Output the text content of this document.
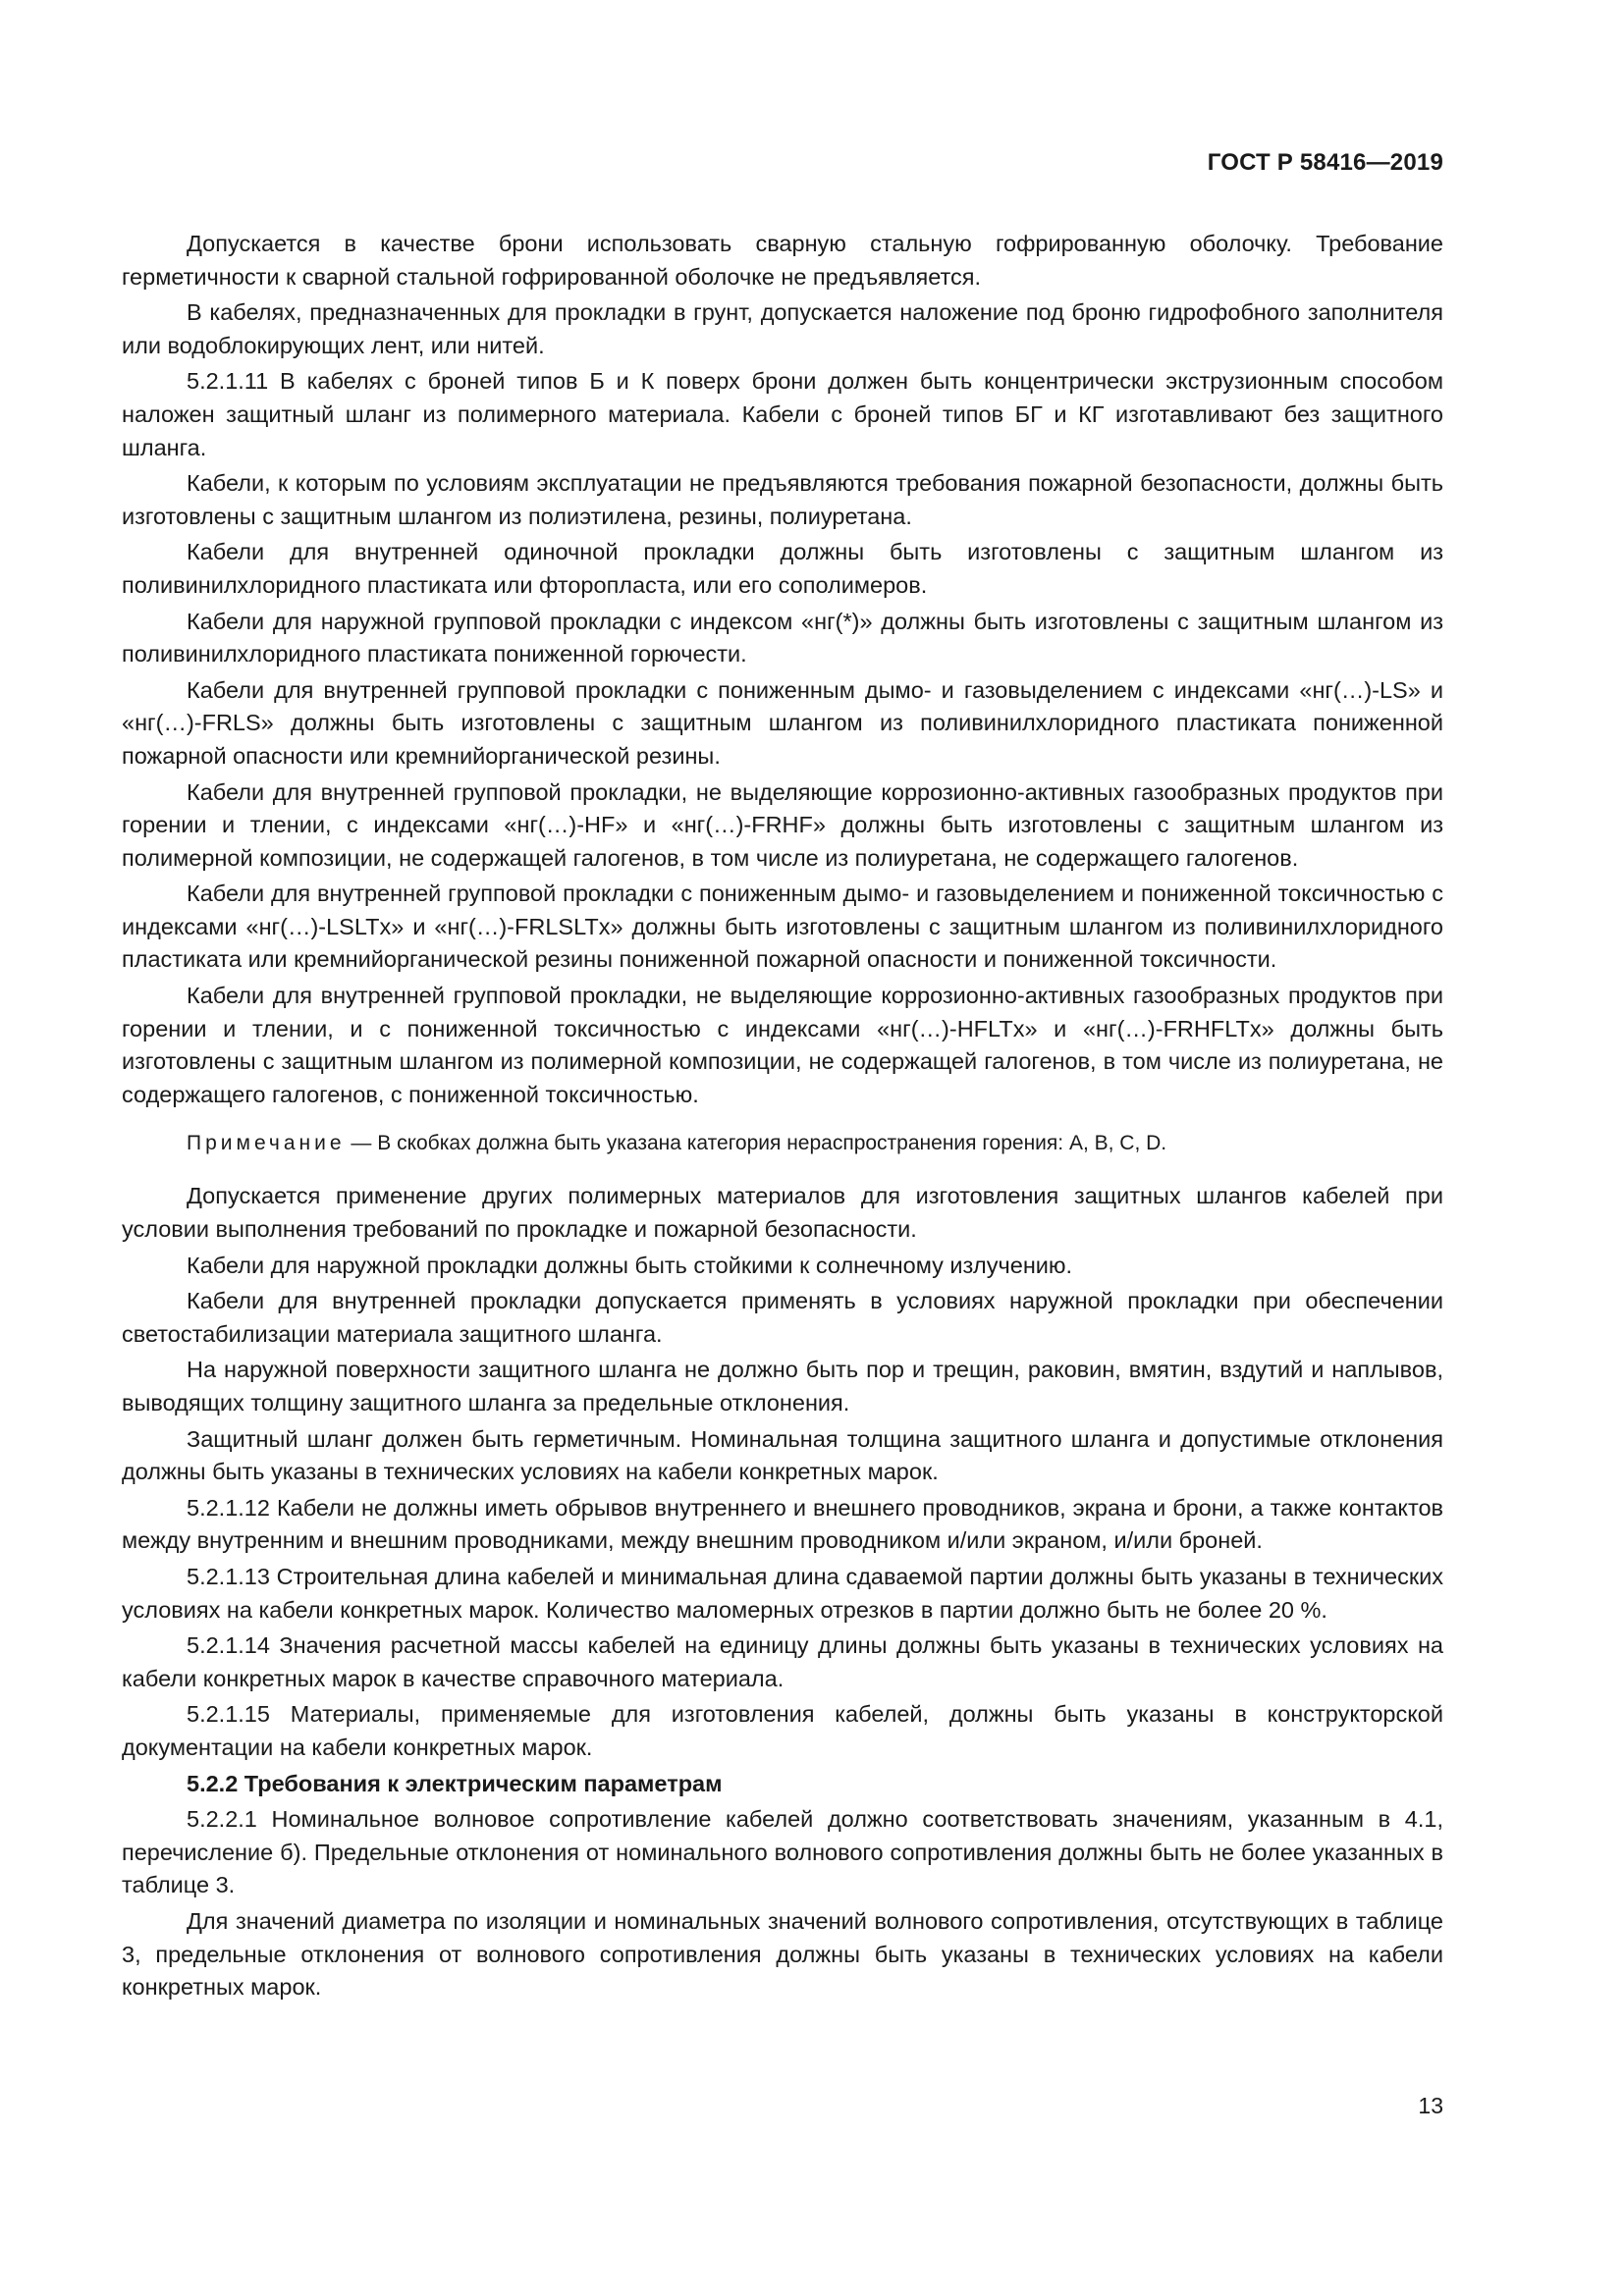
ГОСТ Р 58416—2019

Допускается в качестве брони использовать сварную стальную гофрированную оболочку. Требование герметичности к сварной стальной гофрированной оболочке не предъявляется.

В кабелях, предназначенных для прокладки в грунт, допускается наложение под броню гидрофобного заполнителя или водоблокирующих лент, или нитей.

5.2.1.11 В кабелях с броней типов Б и К поверх брони должен быть концентрически экструзионным способом наложен защитный шланг из полимерного материала. Кабели с броней типов БГ и КГ изготавливают без защитного шланга.

Кабели, к которым по условиям эксплуатации не предъявляются требования пожарной безопасности, должны быть изготовлены с защитным шлангом из полиэтилена, резины, полиуретана.

Кабели для внутренней одиночной прокладки должны быть изготовлены с защитным шлангом из поливинилхлоридного пластиката или фторопласта, или его сополимеров.

Кабели для наружной групповой прокладки с индексом «нг(*)» должны быть изготовлены с защитным шлангом из поливинилхлоридного пластиката пониженной горючести.

Кабели для внутренней групповой прокладки с пониженным дымо- и газовыделением с индексами «нг(…)-LS» и «нг(…)-FRLS» должны быть изготовлены с защитным шлангом из поливинилхлоридного пластиката пониженной пожарной опасности или кремнийорганической резины.

Кабели для внутренней групповой прокладки, не выделяющие коррозионно-активных газообразных продуктов при горении и тлении, с индексами «нг(…)-HF» и «нг(…)-FRHF» должны быть изготовлены с защитным шлангом из полимерной композиции, не содержащей галогенов, в том числе из полиуретана, не содержащего галогенов.

Кабели для внутренней групповой прокладки с пониженным дымо- и газовыделением и пониженной токсичностью с индексами «нг(…)-LSLTx» и «нг(…)-FRLSLTx» должны быть изготовлены с защитным шлангом из поливинилхлоридного пластиката или кремнийорганической резины пониженной пожарной опасности и пониженной токсичности.

Кабели для внутренней групповой прокладки, не выделяющие коррозионно-активных газообразных продуктов при горении и тлении, и с пониженной токсичностью с индексами «нг(…)-HFLTx» и «нг(…)-FRHFLTx» должны быть изготовлены с защитным шлангом из полимерной композиции, не содержащей галогенов, в том числе из полиуретана, не содержащего галогенов, с пониженной токсичностью.

Примечание — В скобках должна быть указана категория нераспространения горения: A, B, C, D.

Допускается применение других полимерных материалов для изготовления защитных шлангов кабелей при условии выполнения требований по прокладке и пожарной безопасности.

Кабели для наружной прокладки должны быть стойкими к солнечному излучению.

Кабели для внутренней прокладки допускается применять в условиях наружной прокладки при обеспечении светостабилизации материала защитного шланга.

На наружной поверхности защитного шланга не должно быть пор и трещин, раковин, вмятин, вздутий и наплывов, выводящих толщину защитного шланга за предельные отклонения.

Защитный шланг должен быть герметичным. Номинальная толщина защитного шланга и допустимые отклонения должны быть указаны в технических условиях на кабели конкретных марок.

5.2.1.12 Кабели не должны иметь обрывов внутреннего и внешнего проводников, экрана и брони, а также контактов между внутренним и внешним проводниками, между внешним проводником и/или экраном, и/или броней.

5.2.1.13 Строительная длина кабелей и минимальная длина сдаваемой партии должны быть указаны в технических условиях на кабели конкретных марок. Количество маломерных отрезков в партии должно быть не более 20 %.

5.2.1.14 Значения расчетной массы кабелей на единицу длины должны быть указаны в технических условиях на кабели конкретных марок в качестве справочного материала.

5.2.1.15 Материалы, применяемые для изготовления кабелей, должны быть указаны в конструкторской документации на кабели конкретных марок.

5.2.2 Требования к электрическим параметрам

5.2.2.1 Номинальное волновое сопротивление кабелей должно соответствовать значениям, указанным в 4.1, перечисление б). Предельные отклонения от номинального волнового сопротивления должны быть не более указанных в таблице 3.

Для значений диаметра по изоляции и номинальных значений волнового сопротивления, отсутствующих в таблице 3, предельные отклонения от волнового сопротивления должны быть указаны в технических условиях на кабели конкретных марок.

13
